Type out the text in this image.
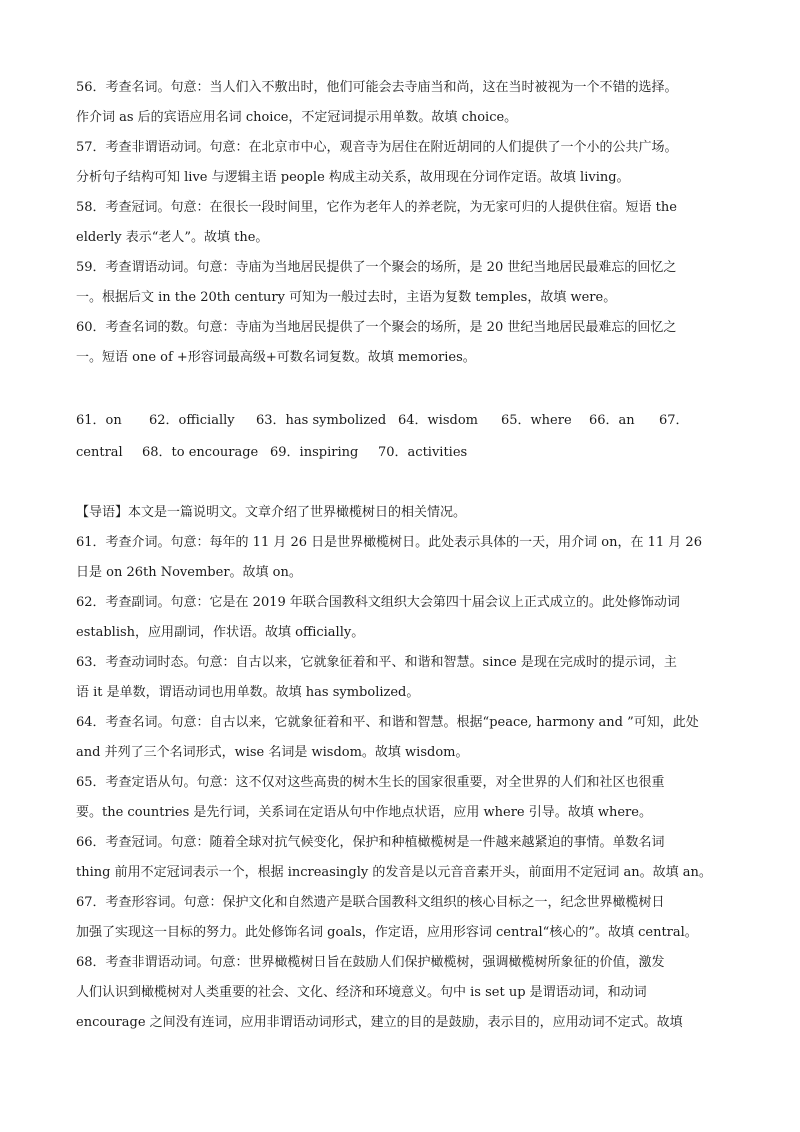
56．考查名词。句意：当人们入不敷出时，他们可能会去寺庙当和尚，这在当时被视为一个不错的选择。
作介词 as 后的宾语应用名词 choice，不定冠词提示用单数。故填 choice。
57．考查非谓语动词。句意：在北京市中心，观音寺为居住在附近胡同的人们提供了一个小的公共广场。
分析句子结构可知 live 与逻辑主语 people 构成主动关系，故用现在分词作定语。故填 living。
58．考查冠词。句意：在很长一段时间里，它作为老年人的养老院，为无家可归的人提供住宿。短语 the
elderly 表示“老人”。故填 the。
59．考查谓语动词。句意：寺庙为当地居民提供了一个聚会的场所，是 20 世纪当地居民最难忘的回忆之
一。根据后文 in the 20th century 可知为一般过去时，主语为复数 temples，故填 were。
60．考查名词的数。句意：寺庙为当地居民提供了一个聚会的场所，是 20 世纪当地居民最难忘的回忆之
一。短语 one of +形容词最高级+可数名词复数。故填 memories。
61．on 62．officially 63．has symbolized 64．wisdom 65．where 66．an 67．
central 68．to encourage 69．inspiring 70．activities
【导语】本文是一篇说明文。文章介绍了世界橄榄树日的相关情况。
61．考查介词。句意：每年的 11 月 26 日是世界橄榄树日。此处表示具体的一天，用介词 on，在 11 月 26
日是 on 26th November。故填 on。
62．考查副词。句意：它是在 2019 年联合国教科文组织大会第四十届会议上正式成立的。此处修饰动词
establish，应用副词，作状语。故填 officially。
63．考查动词时态。句意：自古以来，它就象征着和平、和谐和智慧。since 是现在完成时的提示词，主
语 it 是单数，谓语动词也用单数。故填 has symbolized。
64．考查名词。句意：自古以来，它就象征着和平、和谐和智慧。根据“peace, harmony and ”可知，此处
and 并列了三个名词形式，wise 名词是 wisdom。故填 wisdom。
65．考查定语从句。句意：这不仅对这些高贵的树木生长的国家很重要，对全世界的人们和社区也很重
要。the countries 是先行词，关系词在定语从句中作地点状语，应用 where 引导。故填 where。
66．考查冠词。句意：随着全球对抗气候变化，保护和种植橄榄树是一件越来越紧迫的事情。单数名词
thing 前用不定冠词表示一个，根据 increasingly 的发音是以元音音素开头，前面用不定冠词 an。故填 an。
67．考查形容词。句意：保护文化和自然遗产是联合国教科文组织的核心目标之一，纪念世界橄榄树日
加强了实现这一目标的努力。此处修饰名词 goals，作定语，应用形容词 central“核心的”。故填 central。
68．考查非谓语动词。句意：世界橄榄树日旨在鼓励人们保护橄榄树，强调橄榄树所象征的价值，激发
人们认识到橄榄树对人类重要的社会、文化、经济和环境意义。句中 is set up 是谓语动词，和动词
encourage 之间没有连词，应用非谓语动词形式，建立的目的是鼓励，表示目的，应用动词不定式。故填
